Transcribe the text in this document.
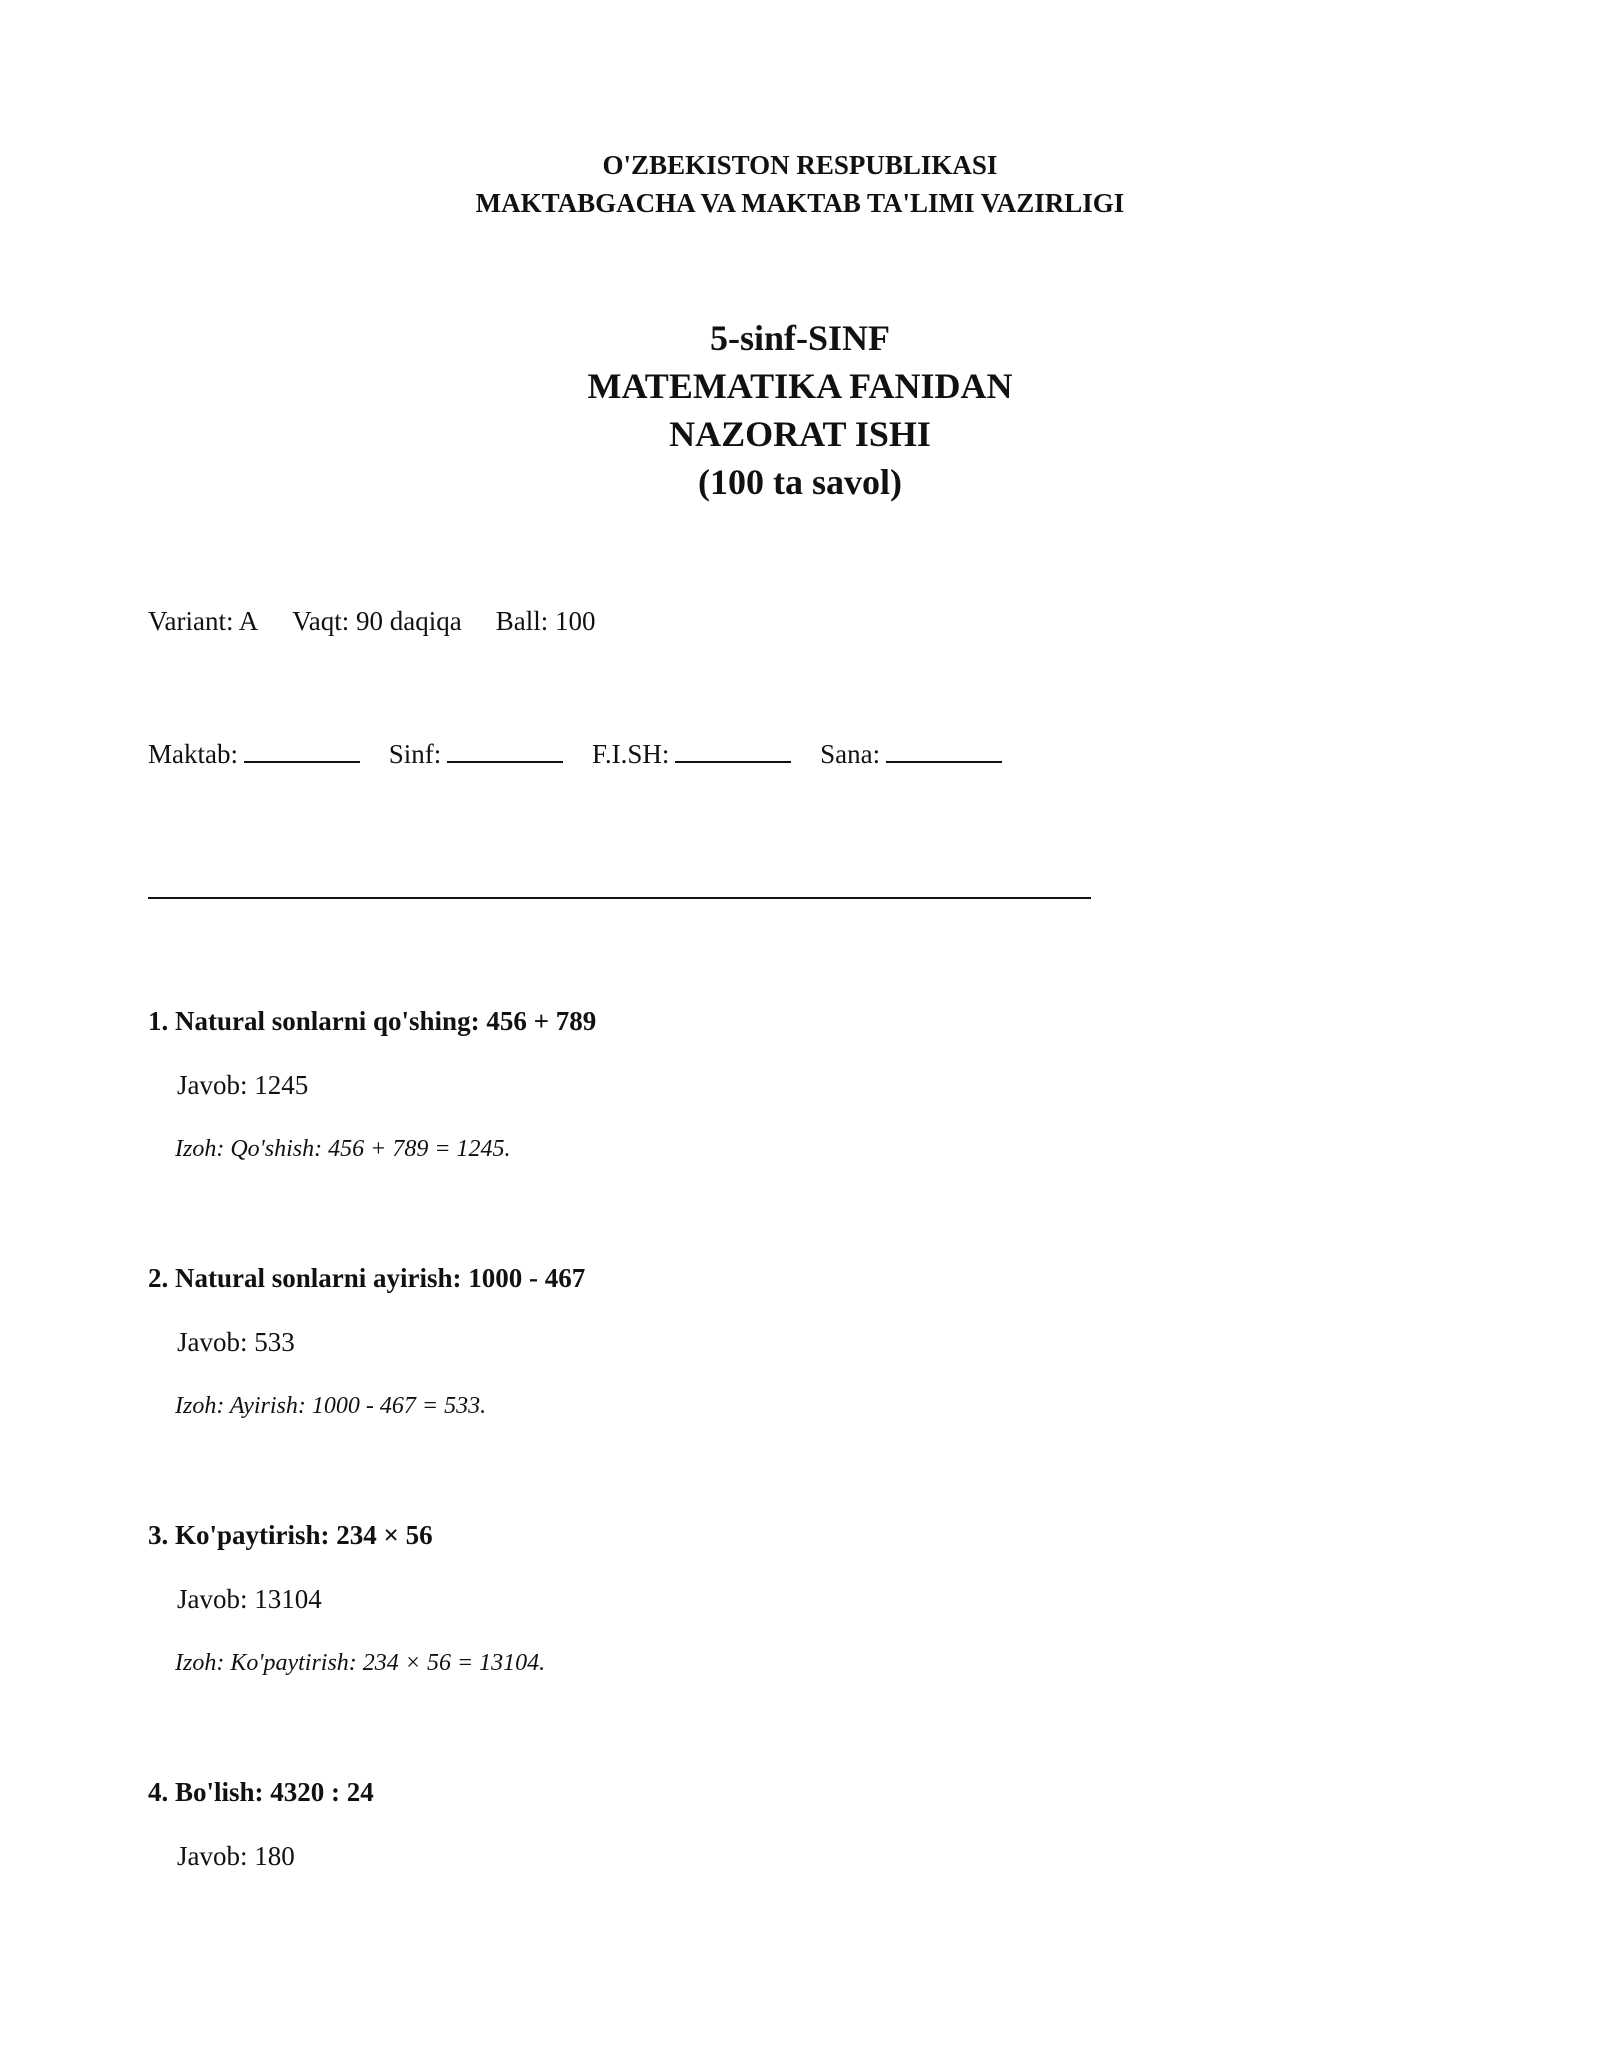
O'ZBEKISTON RESPUBLIKASI
MAKTABGACHA VA MAKTAB TA'LIMI VAZIRLIGI
5-sinf-SINF
MATEMATIKA FANIDAN
NAZORAT ISHI
(100 ta savol)
Variant: A Vaqt: 90 daqiqa Ball: 100
Maktab:	Sinf:	F.I.SH:	Sana:
1. Natural sonlarni qo'shing: 456 + 789
Javob: 1245
Izoh: Qo'shish: 456 + 789 = 1245.
2. Natural sonlarni ayirish: 1000 - 467
Javob: 533
Izoh: Ayirish: 1000 - 467 = 533.
3. Ko'paytirish: 234 × 56
Javob: 13104
Izoh: Ko'paytirish: 234 × 56 = 13104.
4. Bo'lish: 4320 : 24
Javob: 180
